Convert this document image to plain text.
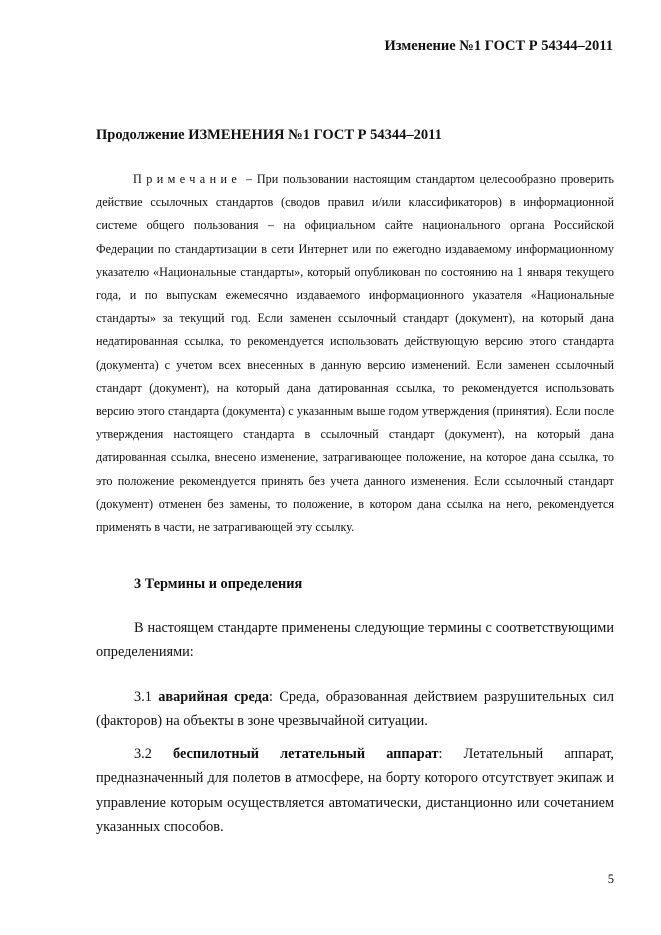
Изменение №1 ГОСТ Р 54344–2011
Продолжение ИЗМЕНЕНИЯ №1 ГОСТ Р 54344–2011

Примечание – При пользовании настоящим стандартом целесообразно проверить действие ссылочных стандартов (сводов правил и/или классификаторов) в информационной системе общего пользования – на официальном сайте национального органа Российской Федерации по стандартизации в сети Интернет или по ежегодно издаваемому информационному указателю «Национальные стандарты», который опубликован по состоянию на 1 января текущего года, и по выпускам ежемесячно издаваемого информационного указателя «Национальные стандарты» за текущий год. Если заменен ссылочный стандарт (документ), на который дана недатированная ссылка, то рекомендуется использовать действующую версию этого стандарта (документа) с учетом всех внесенных в данную версию изменений. Если заменен ссылочный стандарт (документ), на который дана датированная ссылка, то рекомендуется использовать версию этого стандарта (документа) с указанным выше годом утверждения (принятия). Если после утверждения настоящего стандарта в ссылочный стандарт (документ), на который дана датированная ссылка, внесено изменение, затрагивающее положение, на которое дана ссылка, то это положение рекомендуется принять без учета данного изменения. Если ссылочный стандарт (документ) отменен без замены, то положение, в котором дана ссылка на него, рекомендуется применять в части, не затрагивающей эту ссылку.

3 Термины и определения

В настоящем стандарте применены следующие термины с соответствующими определениями:

3.1 аварийная среда: Среда, образованная действием разрушительных сил (факторов) на объекты в зоне чрезвычайной ситуации.

3.2 беспилотный летательный аппарат: Летательный аппарат, предназначенный для полетов в атмосфере, на борту которого отсутствует экипаж и управление которым осуществляется автоматически, дистанционно или сочетанием указанных способов.

5
